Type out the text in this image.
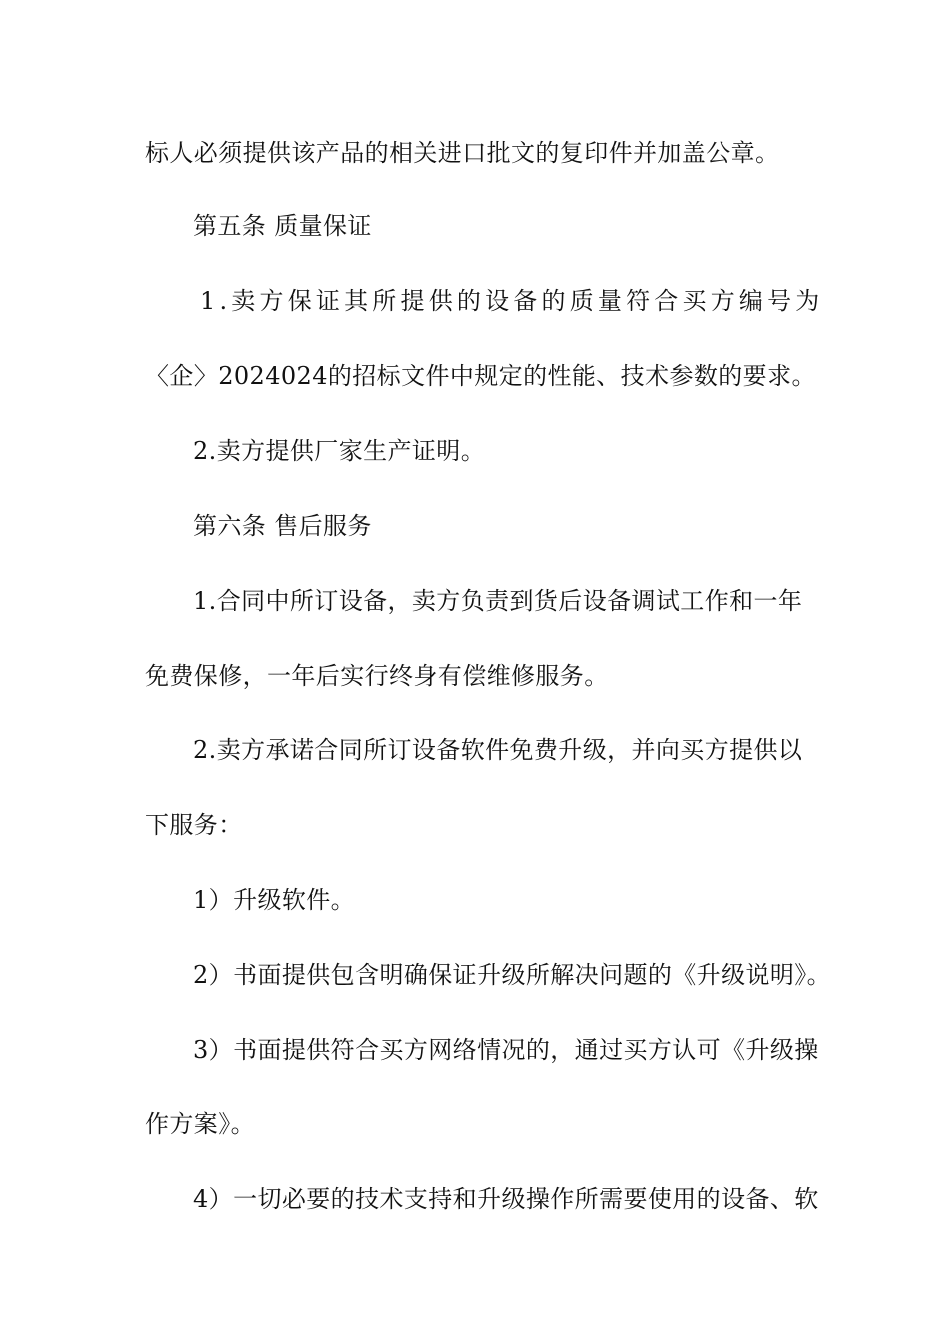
标人必须提供该产品的相关进口批文的复印件并加盖公章。
第五条 质量保证
1.卖方保证其所提供的设备的质量符合买方编号为
〈企〉2024024的招标文件中规定的性能、技术参数的要求。
2.卖方提供厂家生产证明。
第六条 售后服务
1.合同中所订设备，卖方负责到货后设备调试工作和一年
免费保修，一年后实行终身有偿维修服务。
2.卖方承诺合同所订设备软件免费升级，并向买方提供以
下服务：
1）升级软件。
2）书面提供包含明确保证升级所解决问题的《升级说明》。
3）书面提供符合买方网络情况的，通过买方认可《升级操
作方案》。
4）一切必要的技术支持和升级操作所需要使用的设备、软
